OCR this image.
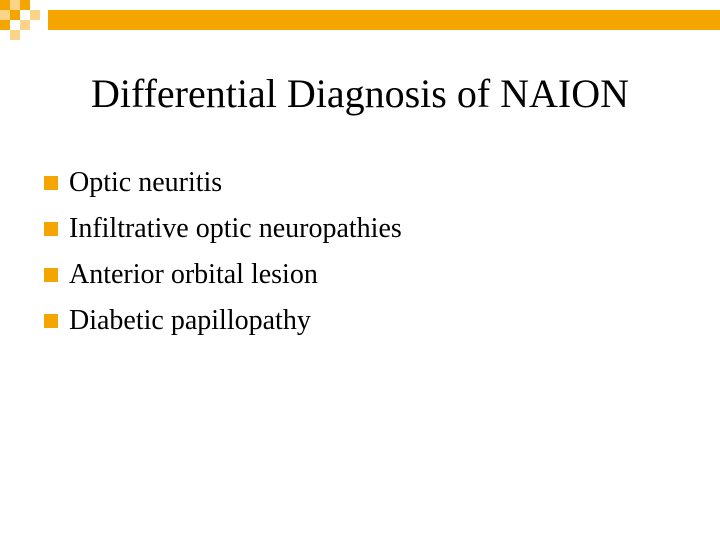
Differential Diagnosis of NAION
Optic neuritis
Infiltrative optic neuropathies
Anterior orbital lesion
Diabetic papillopathy
